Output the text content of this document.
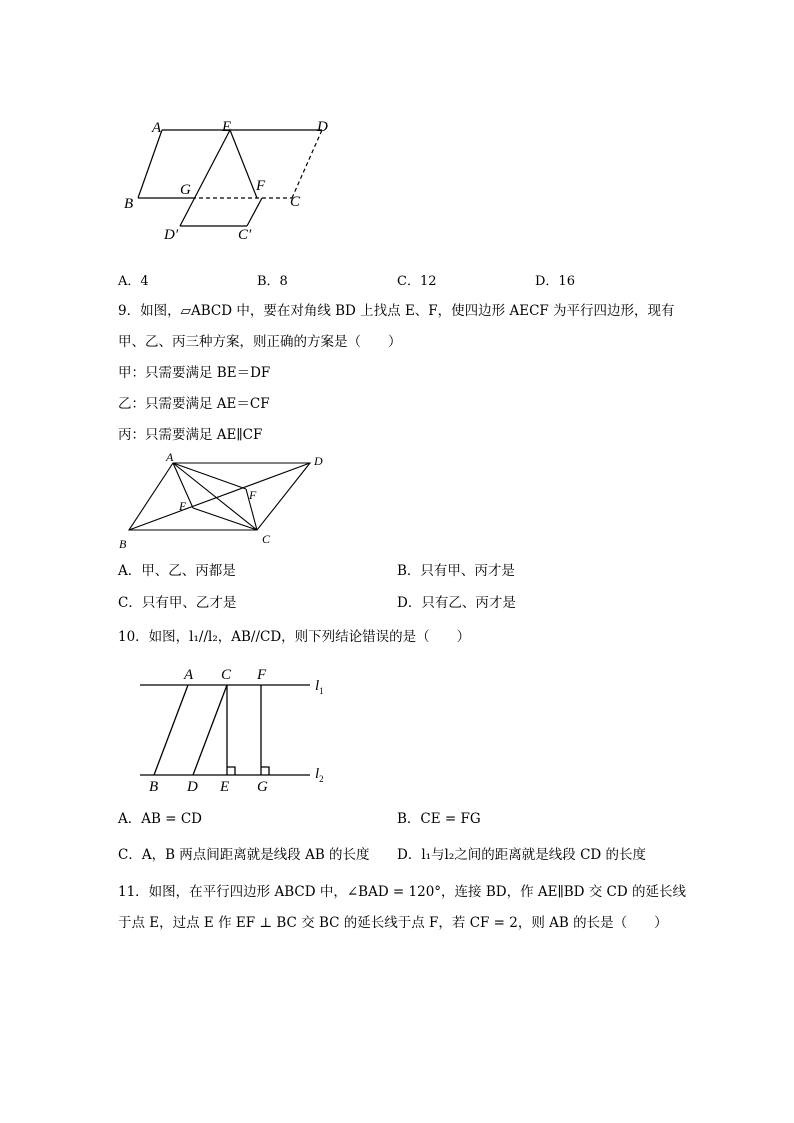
A	E	D
B
G	F
C
D′	C′
A．4	B．8	C．12	D．16
9．如图，▱ABCD 中，要在对角线 BD 上找点 E、F，使四边形 AECF 为平行四边形，现有
甲、乙、丙三种方案，则正确的方案是（　　）
甲：只需要满足 BE＝DF
乙：只需要满足 AE＝CF
丙：只需要满足 AE∥CF
A	D
E
F
B	C
A．甲、乙、丙都是	B．只有甲、丙才是
C．只有甲、乙才是	D．只有乙、丙才是
10．如图，l₁//l₂，AB//CD，则下列结论错误的是（　　）
A C F
B D E G
$l_1$
$l_2$
A．AB = CD	B．CE = FG
C．A，B 两点间距离就是线段 AB 的长度 D．l₁与l₂之间的距离就是线段 CD 的长度
11．如图，在平行四边形 ABCD 中，∠BAD = 120°，连接 BD，作 AE∥BD 交 CD 的延长线
于点 E，过点 E 作 EF ⊥ BC 交 BC 的延长线于点 F，若 CF = 2，则 AB 的长是（　　）
